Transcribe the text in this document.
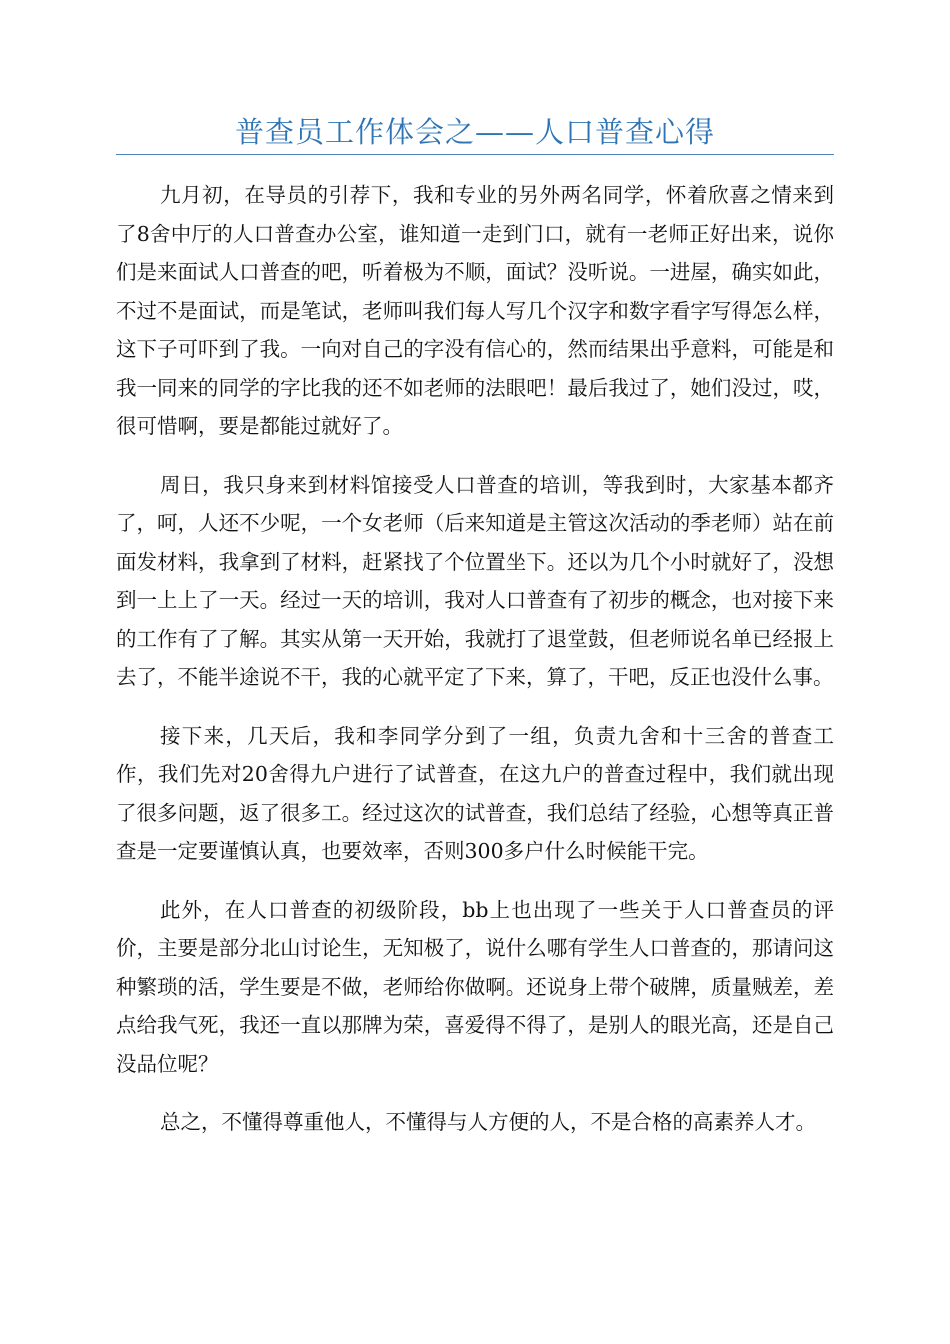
普查员工作体会之——人口普查心得

九月初，在导员的引荐下，我和专业的另外两名同学，怀着欣喜之情来到了8舍中厅的人口普查办公室，谁知道一走到门口，就有一老师正好出来，说你们是来面试人口普查的吧，听着极为不顺，面试？没听说。一进屋，确实如此，不过不是面试，而是笔试，老师叫我们每人写几个汉字和数字看字写得怎么样，这下子可吓到了我。一向对自己的字没有信心的，然而结果出乎意料，可能是和我一同来的同学的字比我的还不如老师的法眼吧！最后我过了，她们没过，哎，很可惜啊，要是都能过就好了。

周日，我只身来到材料馆接受人口普查的培训，等我到时，大家基本都齐了，呵，人还不少呢，一个女老师（后来知道是主管这次活动的季老师）站在前面发材料，我拿到了材料，赶紧找了个位置坐下。还以为几个小时就好了，没想到一上上了一天。经过一天的培训，我对人口普查有了初步的概念，也对接下来的工作有了了解。其实从第一天开始，我就打了退堂鼓，但老师说名单已经报上去了，不能半途说不干，我的心就平定了下来，算了，干吧，反正也没什么事。

接下来，几天后，我和李同学分到了一组，负责九舍和十三舍的普查工作，我们先对20舍得九户进行了试普查，在这九户的普查过程中，我们就出现了很多问题，返了很多工。经过这次的试普查，我们总结了经验，心想等真正普查是一定要谨慎认真，也要效率，否则300多户什么时候能干完。

此外，在人口普查的初级阶段，bb上也出现了一些关于人口普查员的评价，主要是部分北山讨论生，无知极了，说什么哪有学生人口普查的，那请问这种繁琐的活，学生要是不做，老师给你做啊。还说身上带个破牌，质量贼差，差点给我气死，我还一直以那牌为荣，喜爱得不得了，是别人的眼光高，还是自己没品位呢？

总之，不懂得尊重他人，不懂得与人方便的人，不是合格的高素养人才。
